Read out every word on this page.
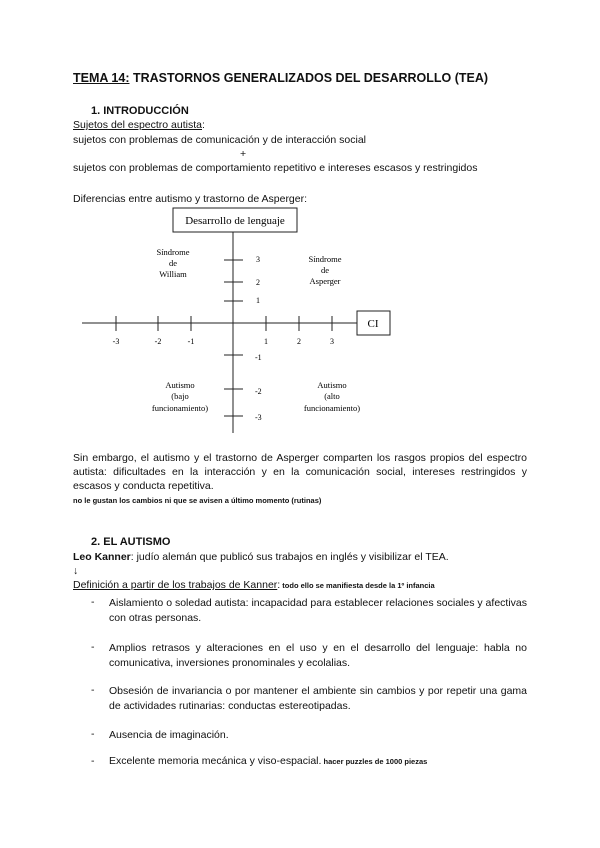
TEMA 14: TRASTORNOS GENERALIZADOS DEL DESARROLLO (TEA)
1. INTRODUCCIÓN
Sujetos del espectro autista:
sujetos con problemas de comunicación y de interacción social
+
sujetos con problemas de comportamiento repetitivo e intereses escasos y restringidos
Diferencias entre autismo y trastorno de Asperger:
Desarrollo de lenguaje
CI
-3	-2	-1	1	2	3
3
2
1
-1
-2
-3
Síndrome
de
William
Síndrome
de
Asperger
Autismo
(bajo
funcionamiento)
Autismo
(alto
funcionamiento)
Sin embargo, el autismo y el trastorno de Asperger comparten los rasgos propios del espectro autista: dificultades en la interacción y en la comunicación social, intereses restringidos y escasos y conducta repetitiva.
no le gustan los cambios ni que se avisen a último momento (rutinas)
2. EL AUTISMO
Leo Kanner: judío alemán que publicó sus trabajos en inglés y visibilizar el TEA.
↓
Definición a partir de los trabajos de Kanner: todo ello se manifiesta desde la 1º infancia
- Aislamiento o soledad autista: incapacidad para establecer relaciones sociales y afectivas con otras personas.
- Amplios retrasos y alteraciones en el uso y en el desarrollo del lenguaje: habla no comunicativa, inversiones pronominales y ecolalias.
- Obsesión de invariancia o por mantener el ambiente sin cambios y por repetir una gama de actividades rutinarias: conductas estereotipadas.
- Ausencia de imaginación.
- Excelente memoria mecánica y viso-espacial. hacer puzzles de 1000 piezas
